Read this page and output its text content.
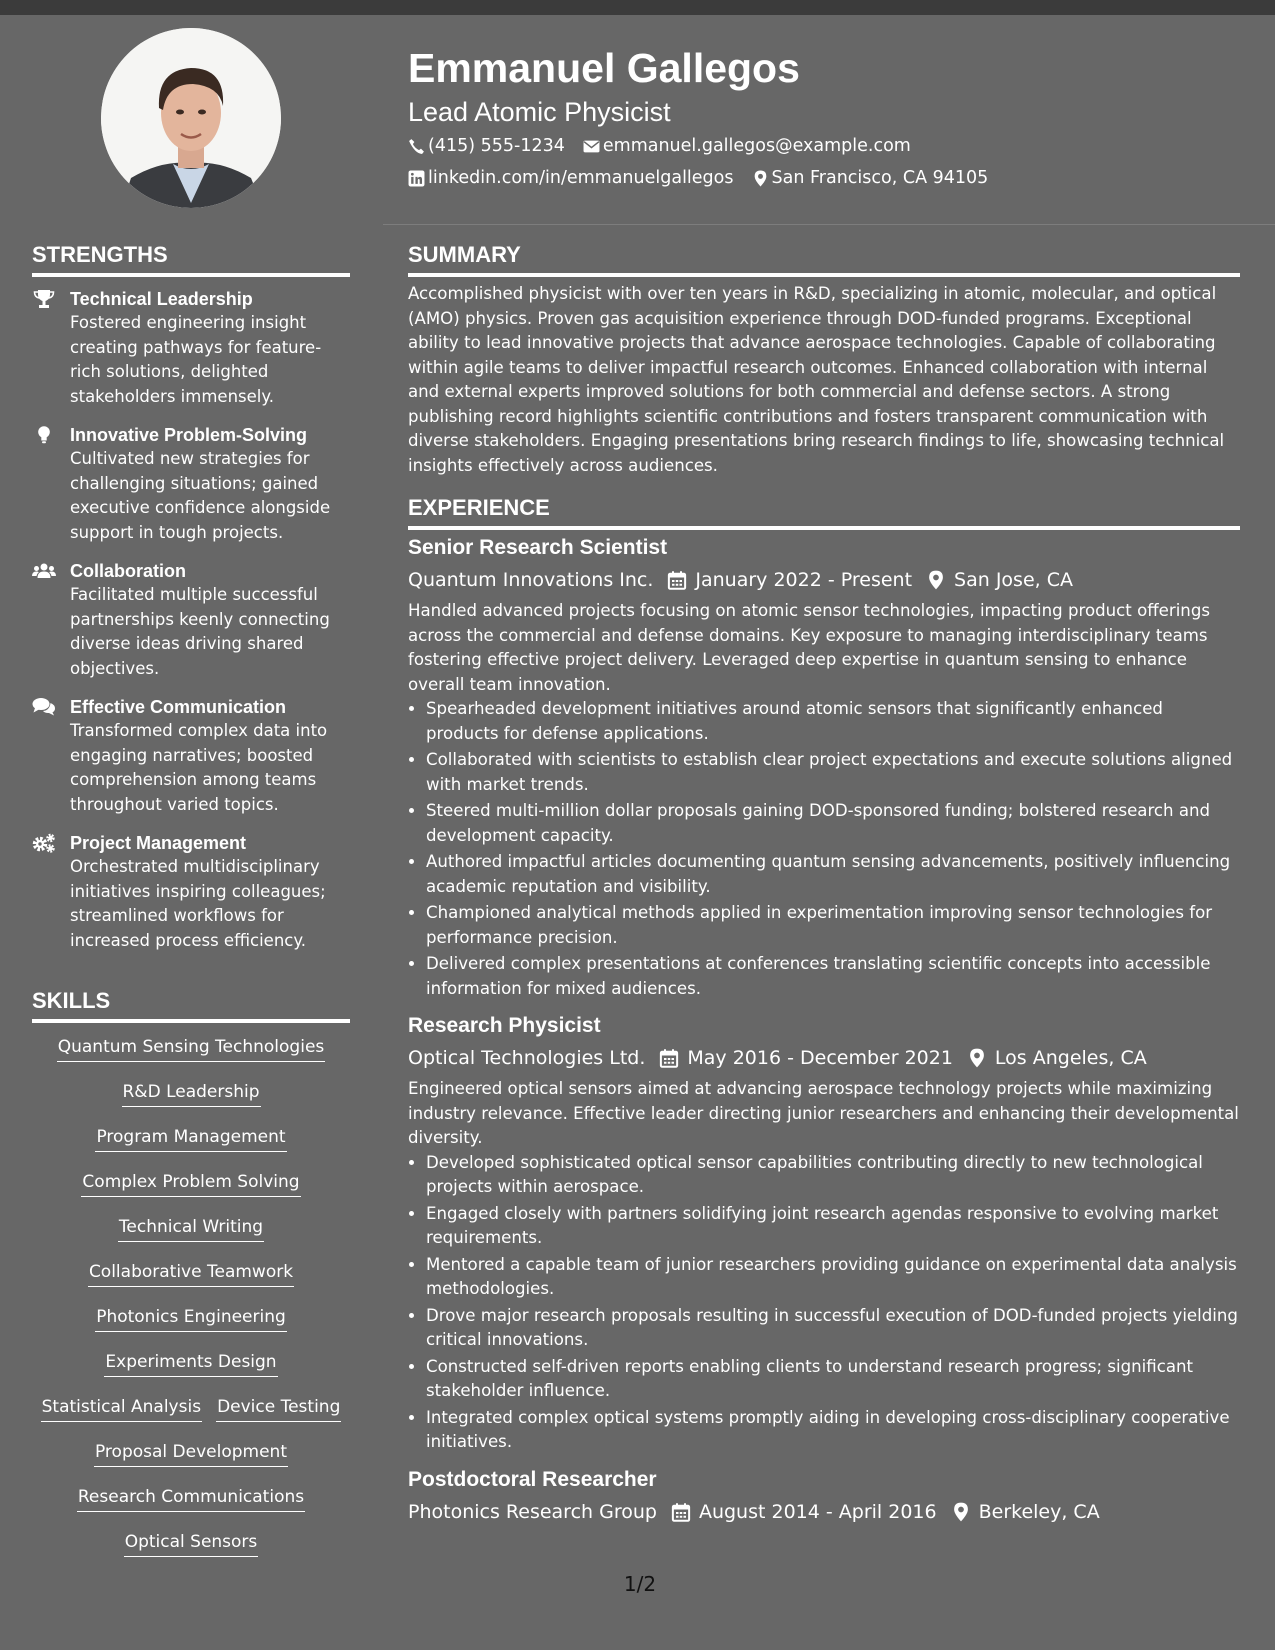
Emmanuel Gallegos
Lead Atomic Physicist
(415) 555-1234 emmanuel.gallegos@example.com
linkedin.com/in/emmanuelgallegos San Francisco, CA 94105
STRENGTHS
Technical Leadership
Fostered engineering insight creating pathways for feature-rich solutions, delighted stakeholders immensely.
Innovative Problem-Solving
Cultivated new strategies for challenging situations; gained executive confidence alongside support in tough projects.
Collaboration
Facilitated multiple successful partnerships keenly connecting diverse ideas driving shared objectives.
Effective Communication
Transformed complex data into engaging narratives; boosted comprehension among teams throughout varied topics.
Project Management
Orchestrated multidisciplinary initiatives inspiring colleagues; streamlined workflows for increased process efficiency.
SKILLS
Quantum Sensing Technologies
R&D Leadership
Program Management
Complex Problem Solving
Technical Writing
Collaborative Teamwork
Photonics Engineering
Experiments Design
Statistical Analysis Device Testing
Proposal Development
Research Communications
Optical Sensors
SUMMARY

Accomplished physicist with over ten years in R&D, specializing in atomic, molecular, and optical (AMO) physics. Proven gas acquisition experience through DOD-funded programs. Exceptional ability to lead innovative projects that advance aerospace technologies. Capable of collaborating within agile teams to deliver impactful research outcomes. Enhanced collaboration with internal and external experts improved solutions for both commercial and defense sectors. A strong publishing record highlights scientific contributions and fosters transparent communication with diverse stakeholders. Engaging presentations bring research findings to life, showcasing technical insights effectively across audiences.

EXPERIENCE
Senior Research Scientist
Quantum Innovations Inc. January 2022 - Present San Jose, CA

Handled advanced projects focusing on atomic sensor technologies, impacting product offerings across the commercial and defense domains. Key exposure to managing interdisciplinary teams fostering effective project delivery. Leveraged deep expertise in quantum sensing to enhance overall team innovation.

• Spearheaded development initiatives around atomic sensors that significantly enhanced products for defense applications.
• Collaborated with scientists to establish clear project expectations and execute solutions aligned with market trends.
• Steered multi-million dollar proposals gaining DOD-sponsored funding; bolstered research and development capacity.
• Authored impactful articles documenting quantum sensing advancements, positively influencing academic reputation and visibility.
• Championed analytical methods applied in experimentation improving sensor technologies for performance precision.
• Delivered complex presentations at conferences translating scientific concepts into accessible information for mixed audiences.
Research Physicist
Optical Technologies Ltd. May 2016 - December 2021 Los Angeles, CA

Engineered optical sensors aimed at advancing aerospace technology projects while maximizing industry relevance. Effective leader directing junior researchers and enhancing their developmental diversity.

• Developed sophisticated optical sensor capabilities contributing directly to new technological projects within aerospace.
• Engaged closely with partners solidifying joint research agendas responsive to evolving market requirements.
• Mentored a capable team of junior researchers providing guidance on experimental data analysis methodologies.
• Drove major research proposals resulting in successful execution of DOD-funded projects yielding critical innovations.
• Constructed self-driven reports enabling clients to understand research progress; significant stakeholder influence.
• Integrated complex optical systems promptly aiding in developing cross-disciplinary cooperative initiatives.
Postdoctoral Researcher
Photonics Research Group August 2014 - April 2016 Berkeley, CA
1/2
